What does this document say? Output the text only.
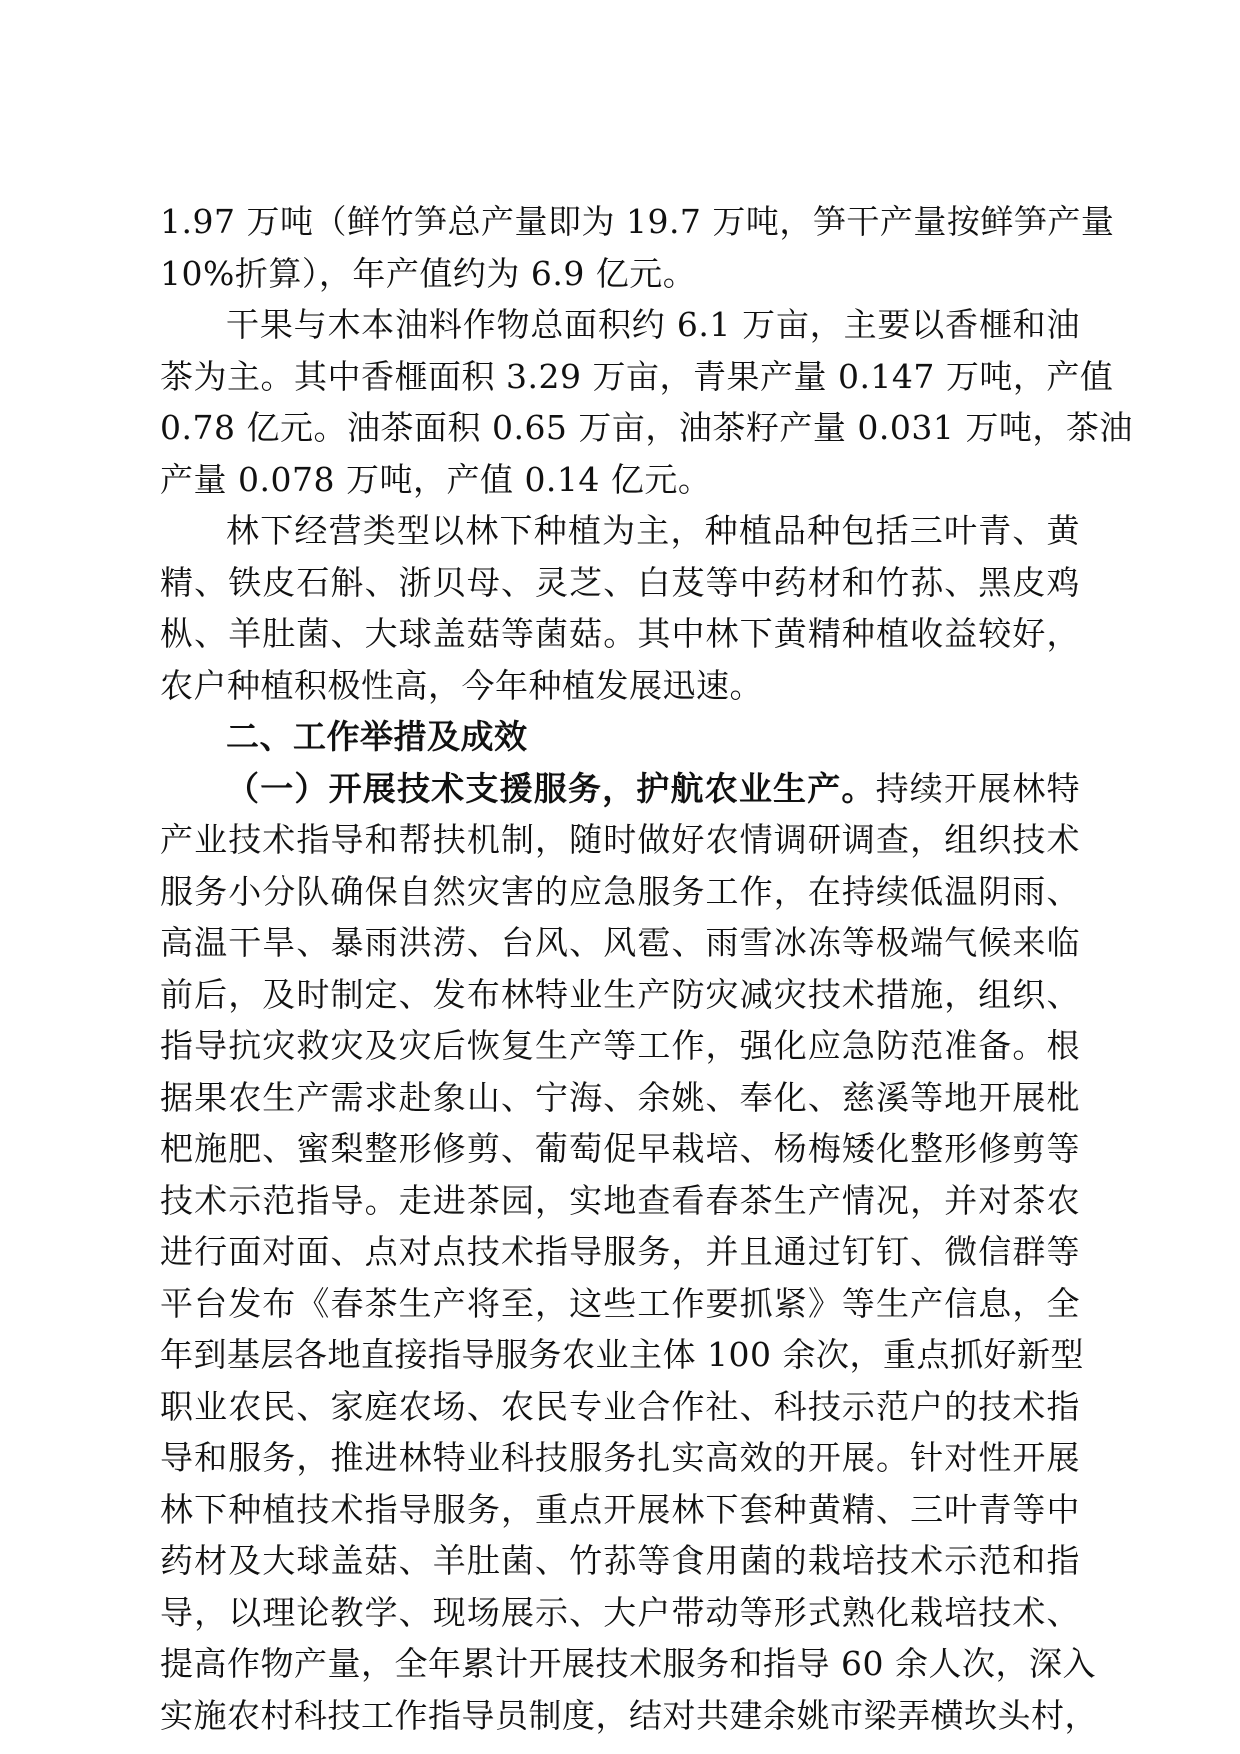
1.97 万吨（鲜竹笋总产量即为 19.7 万吨，笋干产量按鲜笋产量
10%折算），年产值约为 6.9 亿元。
干果与木本油料作物总面积约 6.1 万亩，主要以香榧和油
茶为主。其中香榧面积 3.29 万亩，青果产量 0.147 万吨，产值
0.78 亿元。油茶面积 0.65 万亩，油茶籽产量 0.031 万吨，茶油
产量 0.078 万吨，产值 0.14 亿元。
林下经营类型以林下种植为主，种植品种包括三叶青、黄
精、铁皮石斛、浙贝母、灵芝、白芨等中药材和竹荪、黑皮鸡
枞、羊肚菌、大球盖菇等菌菇。其中林下黄精种植收益较好，
农户种植积极性高，今年种植发展迅速。
二、工作举措及成效
（一）开展技术支援服务，护航农业生产。持续开展林特
产业技术指导和帮扶机制，随时做好农情调研调查，组织技术
服务小分队确保自然灾害的应急服务工作，在持续低温阴雨、
高温干旱、暴雨洪涝、台风、风雹、雨雪冰冻等极端气候来临
前后，及时制定、发布林特业生产防灾减灾技术措施，组织、
指导抗灾救灾及灾后恢复生产等工作，强化应急防范准备。根
据果农生产需求赴象山、宁海、余姚、奉化、慈溪等地开展枇
杷施肥、蜜梨整形修剪、葡萄促早栽培、杨梅矮化整形修剪等
技术示范指导。走进茶园，实地查看春茶生产情况，并对茶农
进行面对面、点对点技术指导服务，并且通过钉钉、微信群等
平台发布《春茶生产将至，这些工作要抓紧》等生产信息，全
年到基层各地直接指导服务农业主体 100 余次，重点抓好新型
职业农民、家庭农场、农民专业合作社、科技示范户的技术指
导和服务，推进林特业科技服务扎实高效的开展。针对性开展
林下种植技术指导服务，重点开展林下套种黄精、三叶青等中
药材及大球盖菇、羊肚菌、竹荪等食用菌的栽培技术示范和指
导，以理论教学、现场展示、大户带动等形式熟化栽培技术、
提高作物产量，全年累计开展技术服务和指导 60 余人次，深入
实施农村科技工作指导员制度，结对共建余姚市梁弄横坎头村，
